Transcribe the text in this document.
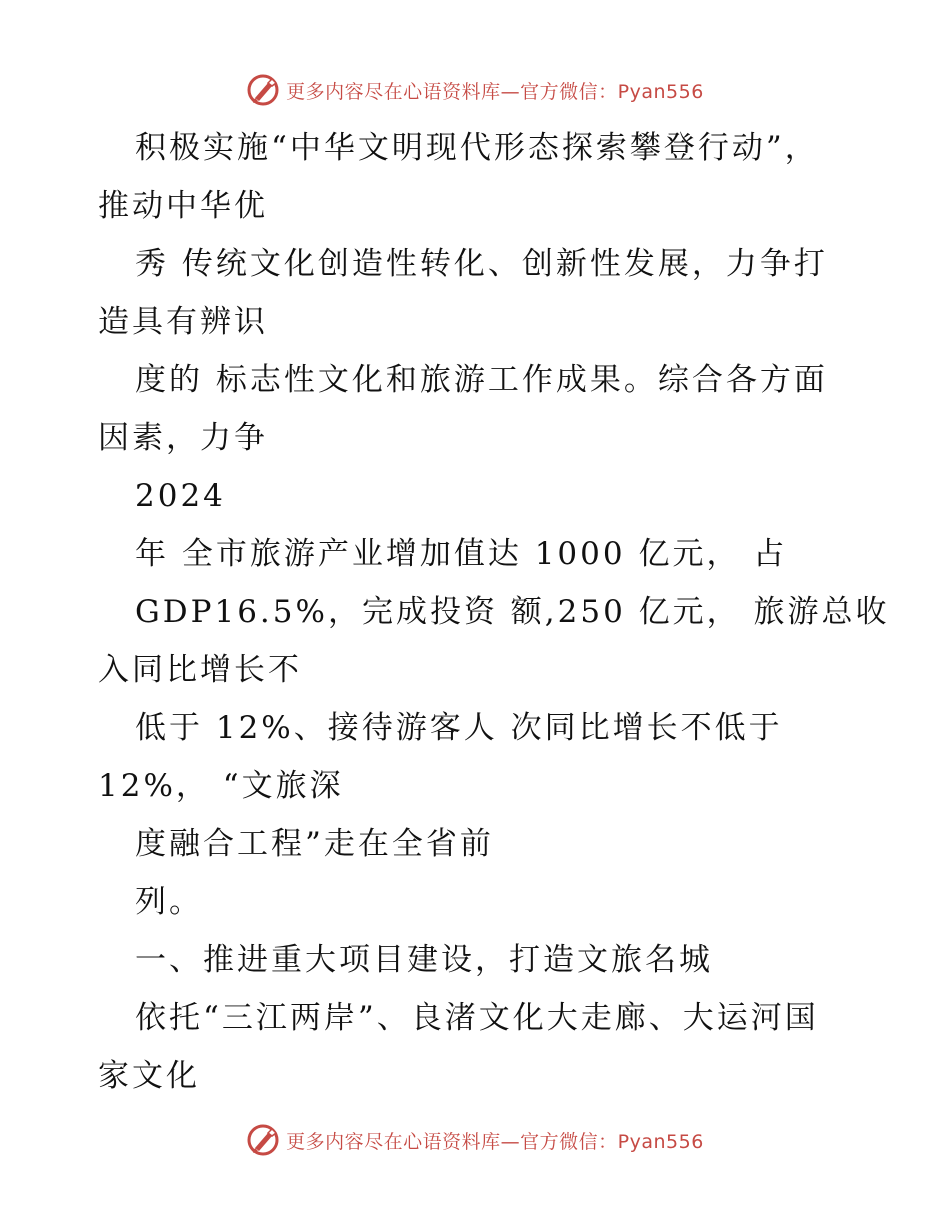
更多内容尽在心语资料库—官方微信：Pyan556
积极实施“中华文明现代形态探索攀登行动”，
推动中华优
秀 传统文化创造性转化、创新性发展，力争打
造具有辨识
度的 标志性文化和旅游工作成果。综合各方面
因素，力争
2024
年 全市旅游产业增加值达 1000 亿元， 占
GDP16.5%，完成投资 额,250 亿元， 旅游总收
入同比增长不
低于 12%、接待游客人 次同比增长不低于
12%， “文旅深
度融合工程”走在全省前
列。
一、推进重大项目建设，打造文旅名城
依托“三江两岸”、良渚文化大走廊、大运河国
家文化
更多内容尽在心语资料库—官方微信：Pyan556
